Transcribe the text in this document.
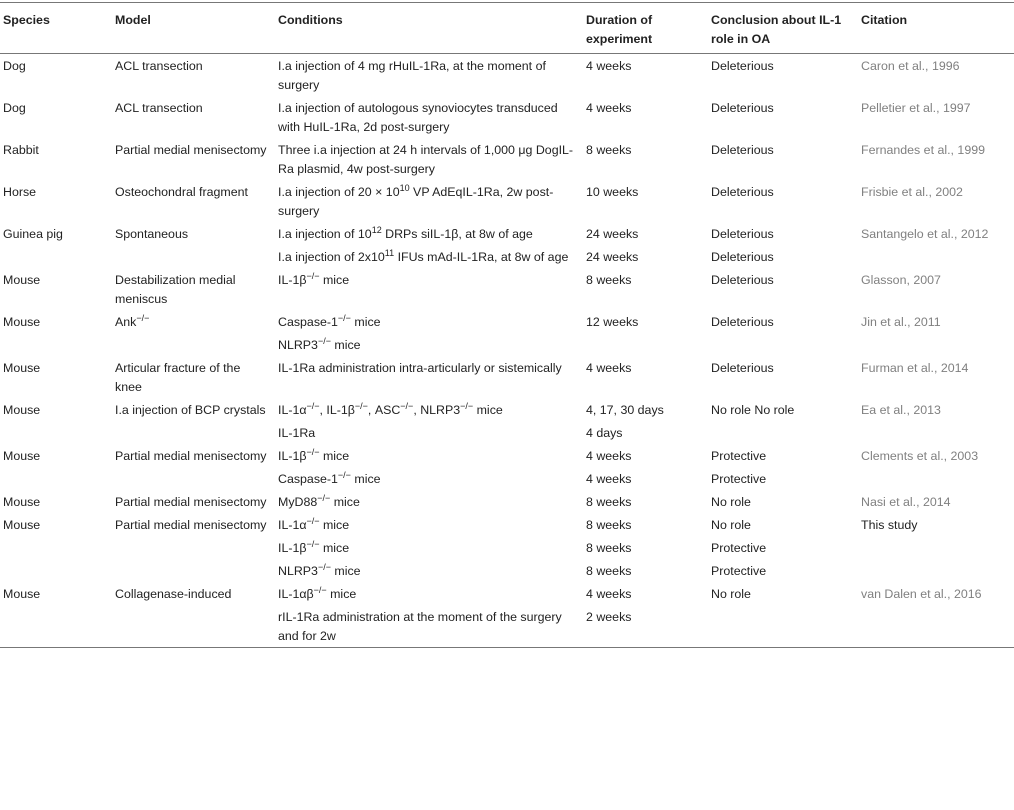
Species	Model	Conditions	Duration of experiment	Conclusion about IL-1 role in OA	Citation
Dog	ACL transection	I.a injection of 4 mg rHuIL-1Ra, at the moment of surgery	4 weeks	Deleterious	Caron et al., 1996
Dog	ACL transection	I.a injection of autologous synoviocytes transduced with HuIL-1Ra, 2d post-surgery	4 weeks	Deleterious	Pelletier et al., 1997
Rabbit	Partial medial menisectomy	Three i.a injection at 24 h intervals of 1,000 μg DogIL-Ra plasmid, 4w post-surgery	8 weeks	Deleterious	Fernandes et al., 1999
Horse	Osteochondral fragment	I.a injection of $20 \times 10^{10}$ VP AdEqIL-1Ra, 2w post-surgery	10 weeks	Deleterious	Frisbie et al., 2002
Guinea pig	Spontaneous	I.a injection of $10^{12}$ DRPs siIL-1β, at 8w of age	24 weeks	Deleterious	Santangelo et al., 2012
		I.a injection of $2x10^{11}$ IFUs mAd-IL-1Ra, at 8w of age	24 weeks	Deleterious	
Mouse	Destabilization medial meniscus	IL-1β−/− mice	8 weeks	Deleterious	Glasson, 2007
Mouse	Ank−/−	Caspase-1−/− mice	12 weeks	Deleterious	Jin et al., 2011
		NLRP3−/− mice			
Mouse	Articular fracture of the knee	IL-1Ra administration intra-articularly or sistemically	4 weeks	Deleterious	Furman et al., 2014
Mouse	I.a injection of BCP crystals	IL-1α−/−, IL-1β−/−, ASC−/−, NLRP3−/− mice	4, 17, 30 days	No role No role	Ea et al., 2013
		IL-1Ra	4 days		
Mouse	Partial medial menisectomy	IL-1β−/− mice	4 weeks	Protective	Clements et al., 2003
		Caspase-1−/− mice	4 weeks	Protective	
Mouse	Partial medial menisectomy	MyD88−/− mice	8 weeks	No role	Nasi et al., 2014
Mouse	Partial medial menisectomy	IL-1α−/− mice	8 weeks	No role	This study
		IL-1β−/− mice	8 weeks	Protective	
		NLRP3−/− mice	8 weeks	Protective	
Mouse	Collagenase-induced	IL-1αβ−/− mice	4 weeks	No role	van Dalen et al., 2016
		rIL-1Ra administration at the moment of the surgery and for 2w	2 weeks		
